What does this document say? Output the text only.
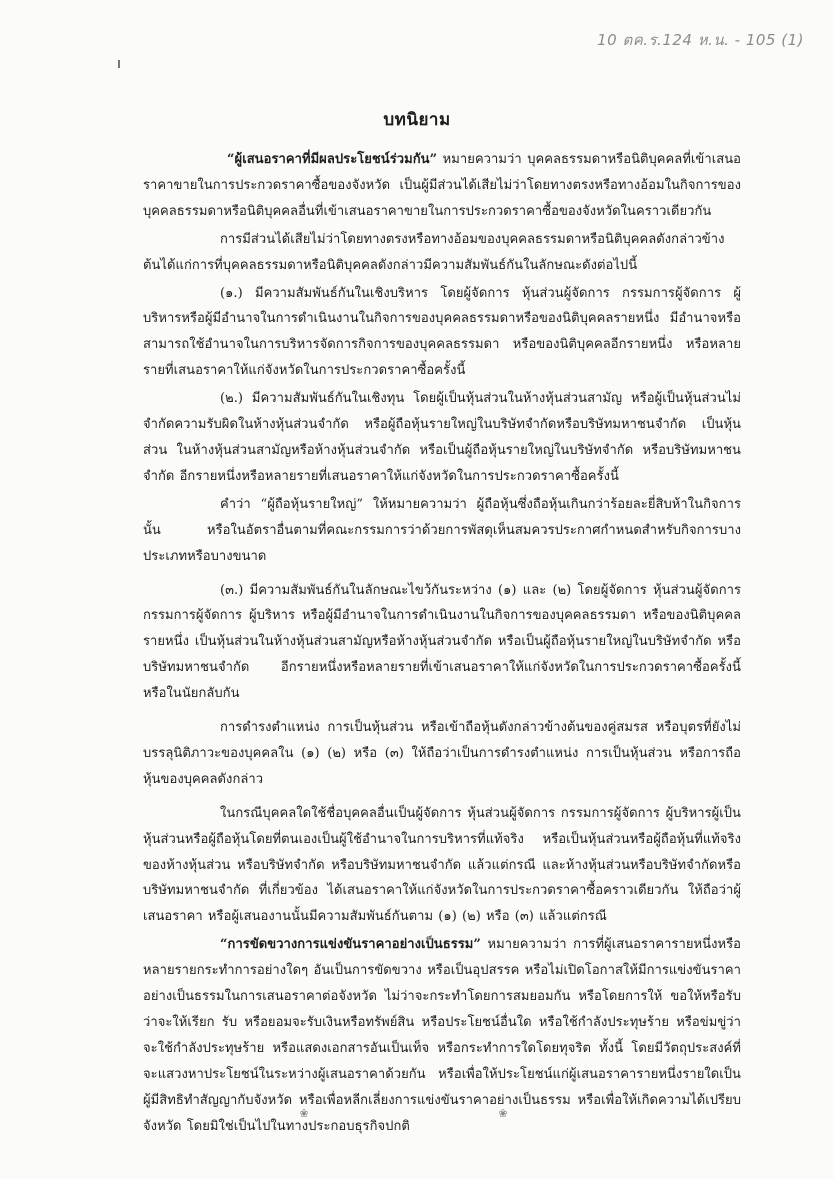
10 ตค.ร.124 ห.น. - 105 (1)
บทนิยาม

“ผู้เสนอราคาที่มีผลประโยชน์ร่วมกัน” หมายความว่า บุคคลธรรมดาหรือนิติบุคคลที่เข้าเสนอราคาขายในการประกวดราคาซื้อของจังหวัด เป็นผู้มีส่วนได้เสียไม่ว่าโดยทางตรงหรือทางอ้อมในกิจการของบุคคลธรรมดาหรือนิติบุคคลอื่นที่เข้าเสนอราคาขายในการประกวดราคาซื้อของจังหวัดในคราวเดียวกัน

การมีส่วนได้เสียไม่ว่าโดยทางตรงหรือทางอ้อมของบุคคลธรรมดาหรือนิติบุคคลดังกล่าวข้างต้นได้แก่การที่บุคคลธรรมดาหรือนิติบุคคลดังกล่าวมีความสัมพันธ์กันในลักษณะดังต่อไปนี้

(๑.) มีความสัมพันธ์กันในเชิงบริหาร โดยผู้จัดการ หุ้นส่วนผู้จัดการ กรรมการผู้จัดการ ผู้บริหารหรือผู้มีอำนาจในการดำเนินงานในกิจการของบุคคลธรรมดาหรือของนิติบุคคลรายหนึ่ง มีอำนาจหรือสามารถใช้อำนาจในการบริหารจัดการกิจการของบุคคลธรรมดา หรือของนิติบุคคลอีกรายหนึ่ง หรือหลายรายที่เสนอราคาให้แก่จังหวัดในการประกวดราคาซื้อครั้งนี้

(๒.) มีความสัมพันธ์กันในเชิงทุน โดยผู้เป็นหุ้นส่วนในห้างหุ้นส่วนสามัญ หรือผู้เป็นหุ้นส่วนไม่จำกัดความรับผิดในห้างหุ้นส่วนจำกัด หรือผู้ถือหุ้นรายใหญ่ในบริษัทจำกัดหรือบริษัทมหาชนจำกัด เป็นหุ้นส่วน ในห้างหุ้นส่วนสามัญหรือห้างหุ้นส่วนจำกัด หรือเป็นผู้ถือหุ้นรายใหญ่ในบริษัทจำกัด หรือบริษัทมหาชนจำกัด อีกรายหนึ่งหรือหลายรายที่เสนอราคาให้แก่จังหวัดในการประกวดราคาซื้อครั้งนี้

คำว่า “ผู้ถือหุ้นรายใหญ่” ให้หมายความว่า ผู้ถือหุ้นซึ่งถือหุ้นเกินกว่าร้อยละยี่สิบห้าในกิจการนั้น หรือในอัตราอื่นตามที่คณะกรรมการว่าด้วยการพัสดุเห็นสมควรประกาศกำหนดสำหรับกิจการบางประเภทหรือบางขนาด

(๓.) มีความสัมพันธ์กันในลักษณะไขว้กันระหว่าง (๑) และ (๒) โดยผู้จัดการ หุ้นส่วนผู้จัดการ กรรมการผู้จัดการ ผู้บริหาร หรือผู้มีอำนาจในการดำเนินงานในกิจการของบุคคลธรรมดา หรือของนิติบุคคลรายหนึ่ง เป็นหุ้นส่วนในห้างหุ้นส่วนสามัญหรือห้างหุ้นส่วนจำกัด หรือเป็นผู้ถือหุ้นรายใหญ่ในบริษัทจำกัด หรือบริษัทมหาชนจำกัด อีกรายหนึ่งหรือหลายรายที่เข้าเสนอราคาให้แก่จังหวัดในการประกวดราคาซื้อครั้งนี้ หรือในนัยกลับกัน

การดำรงตำแหน่ง การเป็นหุ้นส่วน หรือเข้าถือหุ้นดังกล่าวข้างต้นของคู่สมรส หรือบุตรที่ยังไม่บรรลุนิติภาวะของบุคคลใน (๑) (๒) หรือ (๓) ให้ถือว่าเป็นการดำรงตำแหน่ง การเป็นหุ้นส่วน หรือการถือหุ้นของบุคคลดังกล่าว

ในกรณีบุคคลใดใช้ชื่อบุคคลอื่นเป็นผู้จัดการ หุ้นส่วนผู้จัดการ กรรมการผู้จัดการ ผู้บริหารผู้เป็นหุ้นส่วนหรือผู้ถือหุ้นโดยที่ตนเองเป็นผู้ใช้อำนาจในการบริหารที่แท้จริง หรือเป็นหุ้นส่วนหรือผู้ถือหุ้นที่แท้จริงของห้างหุ้นส่วน หรือบริษัทจำกัด หรือบริษัทมหาชนจำกัด แล้วแต่กรณี และห้างหุ้นส่วนหรือบริษัทจำกัดหรือบริษัทมหาชนจำกัด ที่เกี่ยวข้อง ได้เสนอราคาให้แก่จังหวัดในการประกวดราคาซื้อคราวเดียวกัน ให้ถือว่าผู้เสนอราคา หรือผู้เสนองานนั้นมีความสัมพันธ์กันตาม (๑) (๒) หรือ (๓) แล้วแต่กรณี

“การขัดขวางการแข่งขันราคาอย่างเป็นธรรม” หมายความว่า การที่ผู้เสนอราคารายหนึ่งหรือ หลายรายกระทำการอย่างใดๆ อันเป็นการขัดขวาง หรือเป็นอุปสรรค หรือไม่เปิดโอกาสให้มีการแข่งขันราคา อย่างเป็นธรรมในการเสนอราคาต่อจังหวัด ไม่ว่าจะกระทำโดยการสมยอมกัน หรือโดยการให้ ขอให้หรือรับว่าจะให้เรียก รับ หรือยอมจะรับเงินหรือทรัพย์สิน หรือประโยชน์อื่นใด หรือใช้กำลังประทุษร้าย หรือข่มขู่ว่าจะใช้กำลังประทุษร้าย หรือแสดงเอกสารอันเป็นเท็จ หรือกระทำการใดโดยทุจริต ทั้งนี้ โดยมีวัตถุประสงค์ที่จะแสวงหาประโยชน์ในระหว่างผู้เสนอราคาด้วยกัน หรือเพื่อให้ประโยชน์แก่ผู้เสนอราคารายหนึ่งรายใดเป็นผู้มีสิทธิทำสัญญากับจังหวัด หรือเพื่อหลีกเลี่ยงการแข่งขันราคาอย่างเป็นธรรม หรือเพื่อให้เกิดความได้เปรียบจังหวัด โดยมิใช่เป็นไปในทางประกอบธุรกิจปกติ

❀	❀
